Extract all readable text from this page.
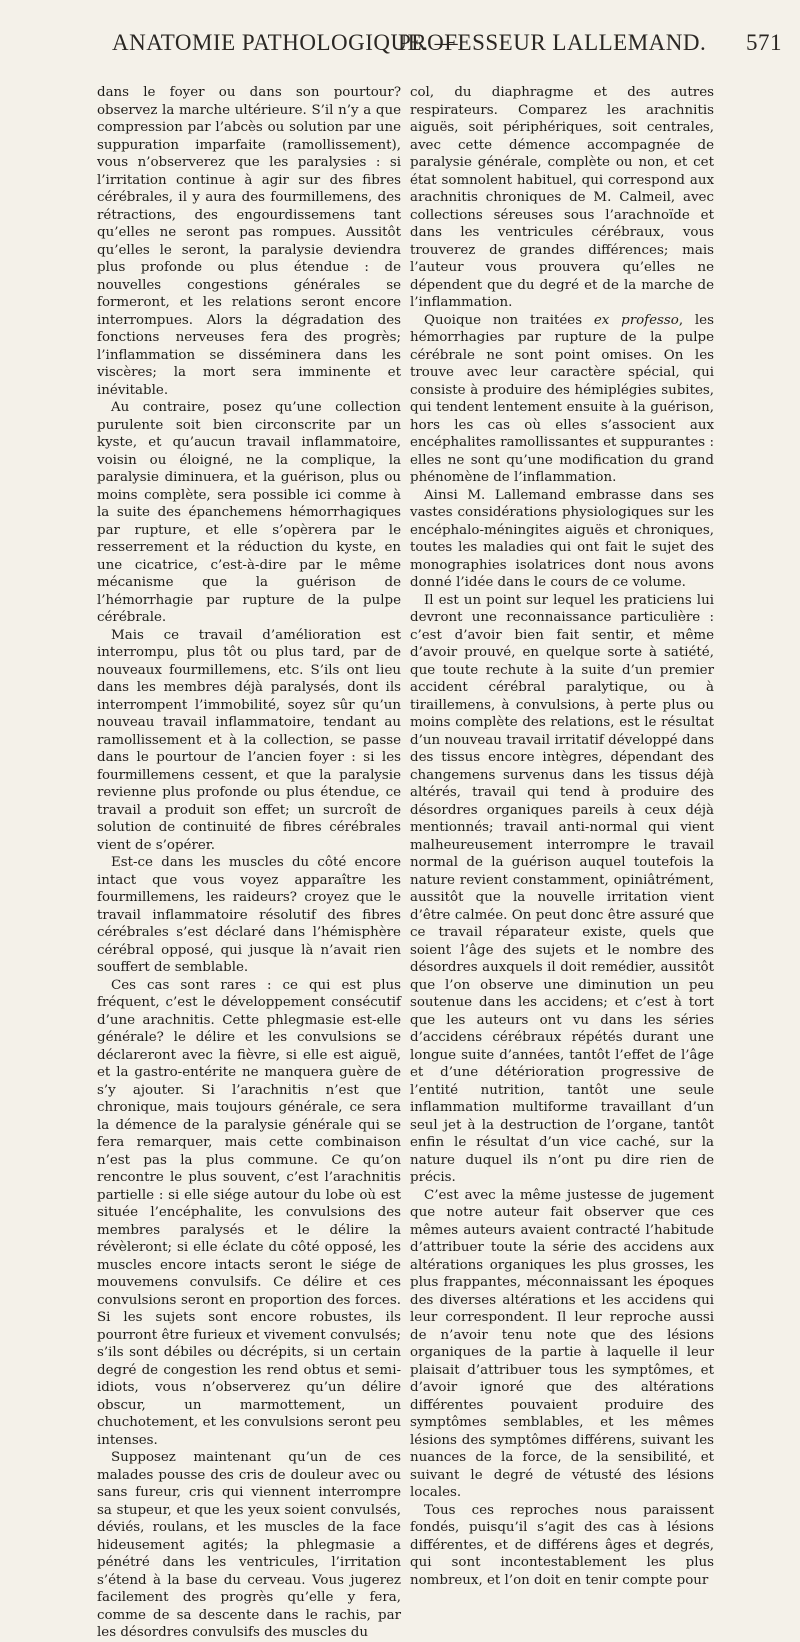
ANATOMIE PATHOLOGIQUE. —
PROFESSEUR LALLEMAND. 571

dans le foyer ou dans son pourtour? observez la marche ultérieure. S’il n’y a que compression par l’abcès ou solution par une suppuration imparfaite (ramollissement), vous n’observerez que les paralysies : si l’irritation continue à agir sur des fibres cérébrales, il y aura des fourmillemens, des rétractions, des engourdissemens tant qu’elles ne seront pas rompues. Aussitôt qu’elles le seront, la paralysie deviendra plus profonde ou plus étendue : de nouvelles congestions générales se formeront, et les relations seront encore interrompues. Alors la dégradation des fonctions nerveuses fera des progrès; l’inflammation se disséminera dans les viscères; la mort sera imminente et inévitable.

Au contraire, posez qu’une collection purulente soit bien circonscrite par un kyste, et qu’aucun travail inflammatoire, voisin ou éloigné, ne la complique, la paralysie diminuera, et la guérison, plus ou moins complète, sera possible ici comme à la suite des épanchemens hémorrhagiques par rupture, et elle s’opèrera par le resserrement et la réduction du kyste, en une cicatrice, c’est-à-dire par le même mécanisme que la guérison de l’hémorrhagie par rupture de la pulpe cérébrale.

Mais ce travail d’amélioration est interrompu, plus tôt ou plus tard, par de nouveaux fourmillemens, etc. S’ils ont lieu dans les membres déjà paralysés, dont ils interrompent l’immobilité, soyez sûr qu’un nouveau travail inflammatoire, tendant au ramollissement et à la collection, se passe dans le pourtour de l’ancien foyer : si les fourmillemens cessent, et que la paralysie revienne plus profonde ou plus étendue, ce travail a produit son effet; un surcroît de solution de continuité de fibres cérébrales vient de s’opérer.

Est-ce dans les muscles du côté encore intact que vous voyez apparaître les fourmillemens, les raideurs? croyez que le travail inflammatoire résolutif des fibres cérébrales s’est déclaré dans l’hémisphère cérébral opposé, qui jusque là n’avait rien souffert de semblable.

Ces cas sont rares : ce qui est plus fréquent, c’est le développement consécutif d’une arachnitis. Cette phlegmasie est-elle générale? le délire et les convulsions se déclareront avec la fièvre, si elle est aiguë, et la gastro-entérite ne manquera guère de s’y ajouter. Si l’arachnitis n’est que chronique, mais toujours générale, ce sera la démence de la paralysie générale qui se fera remarquer, mais cette combinaison n’est pas la plus commune. Ce qu’on rencontre le plus souvent, c’est l’arachnitis partielle : si elle siége autour du lobe où est située l’encéphalite, les convulsions des membres paralysés et le délire la révèleront; si elle éclate du côté opposé, les muscles encore intacts seront le siége de mouvemens convulsifs. Ce délire et ces convulsions seront en proportion des forces. Si les sujets sont encore robustes, ils pourront être furieux et vivement convulsés; s’ils sont débiles ou décrépits, si un certain degré de congestion les rend obtus et semi-idiots, vous n’observerez qu’un délire obscur, un marmottement, un chuchotement, et les convulsions seront peu intenses.

Supposez maintenant qu’un de ces malades pousse des cris de douleur avec ou sans fureur, cris qui viennent interrompre sa stupeur, et que les yeux soient convulsés, déviés, roulans, et les muscles de la face hideusement agités; la phlegmasie a pénétré dans les ventricules, l’irritation s’étend à la base du cerveau. Vous jugerez facilement des progrès qu’elle y fera, comme de sa descente dans le rachis, par les désordres convulsifs des muscles du

col, du diaphragme et des autres respirateurs. Comparez les arachnitis aiguës, soit périphériques, soit centrales, avec cette démence accompagnée de paralysie générale, complète ou non, et cet état somnolent habituel, qui correspond aux arachnitis chroniques de M. Calmeil, avec collections séreuses sous l’arachnoïde et dans les ventricules cérébraux, vous trouverez de grandes différences; mais l’auteur vous prouvera qu’elles ne dépendent que du degré et de la marche de l’inflammation.

Quoique non traitées ex professo, les hémorrhagies par rupture de la pulpe cérébrale ne sont point omises. On les trouve avec leur caractère spécial, qui consiste à produire des hémiplégies subites, qui tendent lentement ensuite à la guérison, hors les cas où elles s’associent aux encéphalites ramollissantes et suppurantes : elles ne sont qu’une modification du grand phénomène de l’inflammation.

Ainsi M. Lallemand embrasse dans ses vastes considérations physiologiques sur les encéphalo-méningites aiguës et chroniques, toutes les maladies qui ont fait le sujet des monographies isolatrices dont nous avons donné l’idée dans le cours de ce volume.

Il est un point sur lequel les praticiens lui devront une reconnaissance particulière : c’est d’avoir bien fait sentir, et même d’avoir prouvé, en quelque sorte à satiété, que toute rechute à la suite d’un premier accident cérébral paralytique, ou à tiraillemens, à convulsions, à perte plus ou moins complète des relations, est le résultat d’un nouveau travail irritatif développé dans des tissus encore intègres, dépendant des changemens survenus dans les tissus déjà altérés, travail qui tend à produire des désordres organiques pareils à ceux déjà mentionnés; travail anti-normal qui vient malheureusement interrompre le travail normal de la guérison auquel toutefois la nature revient constamment, opiniâtrément, aussitôt que la nouvelle irritation vient d’être calmée. On peut donc être assuré que ce travail réparateur existe, quels que soient l’âge des sujets et le nombre des désordres auxquels il doit remédier, aussitôt que l’on observe une diminution un peu soutenue dans les accidens; et c’est à tort que les auteurs ont vu dans les séries d’accidens cérébraux répétés durant une longue suite d’années, tantôt l’effet de l’âge et d’une détérioration progressive de l’entité nutrition, tantôt une seule inflammation multiforme travaillant d’un seul jet à la destruction de l’organe, tantôt enfin le résultat d’un vice caché, sur la nature duquel ils n’ont pu dire rien de précis.

C’est avec la même justesse de jugement que notre auteur fait observer que ces mêmes auteurs avaient contracté l’habitude d’attribuer toute la série des accidens aux altérations organiques les plus grosses, les plus frappantes, méconnaissant les époques des diverses altérations et les accidens qui leur correspondent. Il leur reproche aussi de n’avoir tenu note que des lésions organiques de la partie à laquelle il leur plaisait d’attribuer tous les symptômes, et d’avoir ignoré que des altérations différentes pouvaient produire des symptômes semblables, et les mêmes lésions des symptômes différens, suivant les nuances de la force, de la sensibilité, et suivant le degré de vétusté des lésions locales.

Tous ces reproches nous paraissent fondés, puisqu’il s’agit des cas à lésions différentes, et de différens âges et degrés, qui sont incontestablement les plus nombreux, et l’on doit en tenir compte pour
